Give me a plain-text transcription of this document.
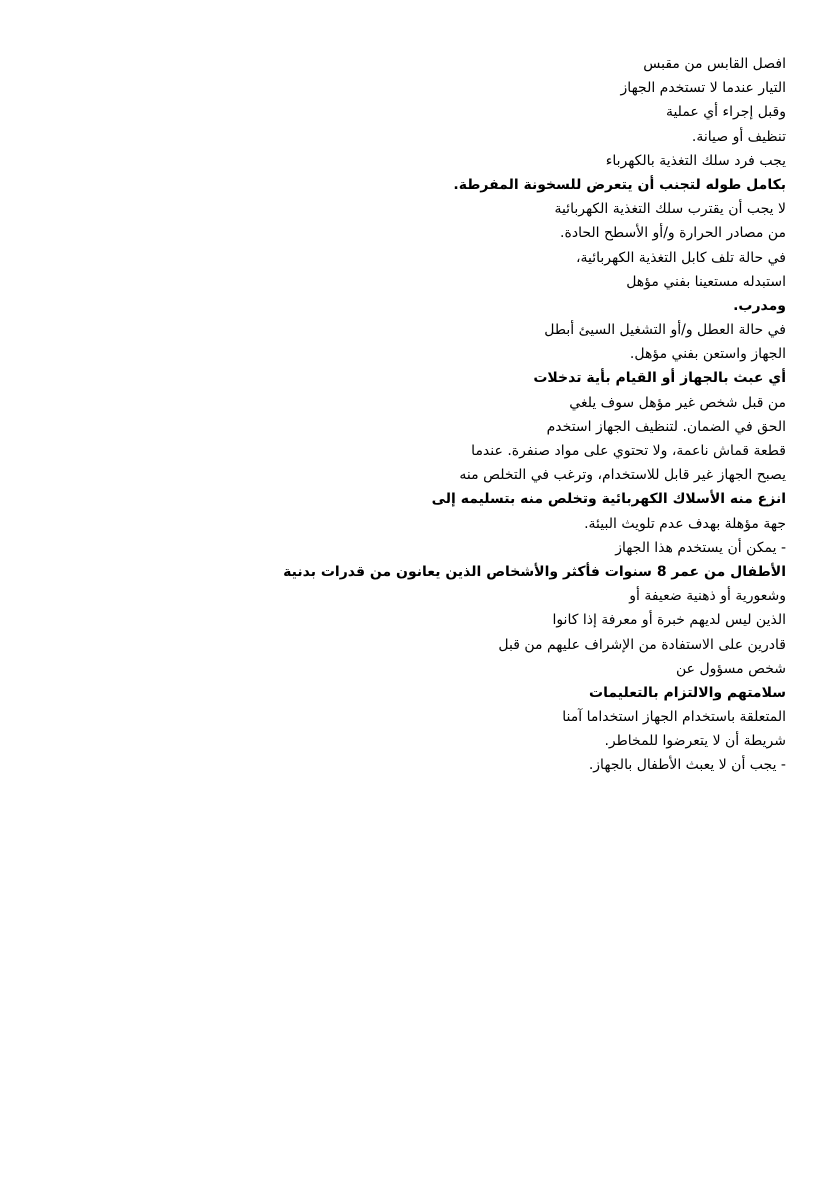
افصل القابس من مقبس
التيار عندما لا تستخدم الجهاز
وقبل إجراء أي عملية
تنظيف أو صيانة.
يجب فرد سلك التغذية بالكهرباء
بكامل طوله لتجنب أن يتعرض للسخونة المفرطة.
لا يجب أن يقترب سلك التغذية الكهربائية
من مصادر الحرارة و/أو الأسطح الحادة.
في حالة تلف كابل التغذية الكهربائية،
استبدله مستعينا بفني مؤهل
ومدرب.
في حالة العطل و/أو التشغيل السيئ أبطل
الجهاز واستعن بفني مؤهل.
أي عبث بالجهاز أو القيام بأية تدخلات
من قبل شخص غير مؤهل سوف يلغي
الحق في الضمان. لتنظيف الجهاز استخدم
قطعة قماش ناعمة، ولا تحتوي على مواد صنفرة. عندما
يصبح الجهاز غير قابل للاستخدام، وترغب في التخلص منه
انزع منه الأسلاك الكهربائية وتخلص منه بتسليمه إلى
جهة مؤهلة بهدف عدم تلويث البيئة.
- يمكن أن يستخدم هذا الجهاز
الأطفال من عمر 8 سنوات فأكثر والأشخاص الذين يعانون من قدرات بدنية
وشعورية أو ذهنية ضعيفة أو
الذين ليس لديهم خبرة أو معرفة إذا كانوا
قادرين على الاستفادة من الإشراف عليهم من قبل
شخص مسؤول عن
سلامتهم والالتزام بالتعليمات
المتعلقة باستخدام الجهاز استخداما آمنا
شريطة أن لا يتعرضوا للمخاطر.
- يجب أن لا يعبث الأطفال بالجهاز.
